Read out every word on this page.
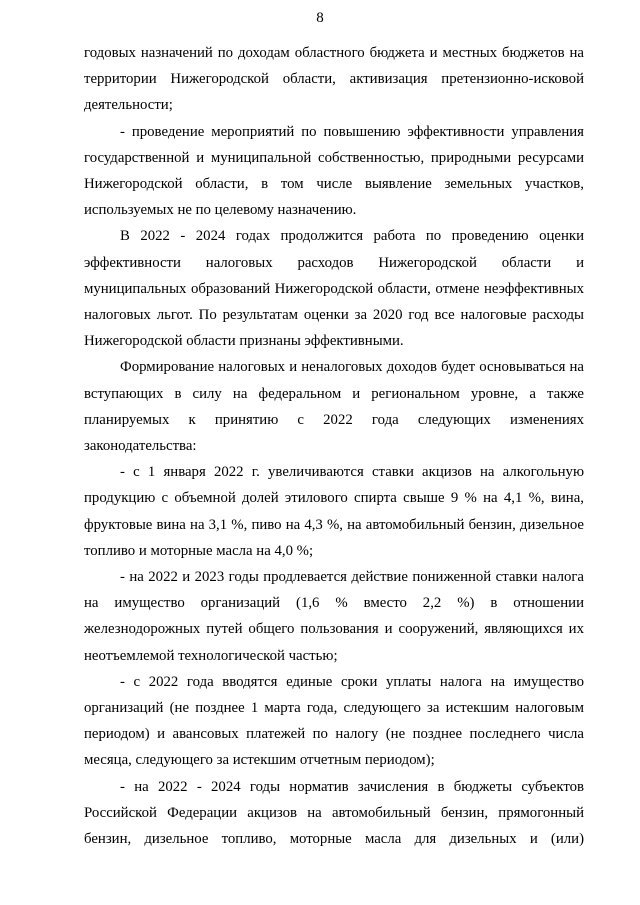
8

годовых назначений по доходам областного бюджета и местных бюджетов на территории Нижегородской области, активизация претензионно-исковой деятельности;

- проведение мероприятий по повышению эффективности управления государственной и муниципальной собственностью, природными ресурсами Нижегородской области, в том числе выявление земельных участков, используемых не по целевому назначению.

В 2022 - 2024 годах продолжится работа по проведению оценки эффективности налоговых расходов Нижегородской области и муниципальных образований Нижегородской области, отмене неэффективных налоговых льгот. По результатам оценки за 2020 год все налоговые расходы Нижегородской области признаны эффективными.

Формирование налоговых и неналоговых доходов будет основываться на вступающих в силу на федеральном и региональном уровне, а также планируемых к принятию с 2022 года следующих изменениях законодательства:

- с 1 января 2022 г. увеличиваются ставки акцизов на алкогольную продукцию с объемной долей этилового спирта свыше 9 % на 4,1 %, вина, фруктовые вина на 3,1 %, пиво на 4,3 %, на автомобильный бензин, дизельное топливо и моторные масла на 4,0 %;

- на 2022 и 2023 годы продлевается действие пониженной ставки налога на имущество организаций (1,6 % вместо 2,2 %) в отношении железнодорожных путей общего пользования и сооружений, являющихся их неотъемлемой технологической частью;

- с 2022 года вводятся единые сроки уплаты налога на имущество организаций (не позднее 1 марта года, следующего за истекшим налоговым периодом) и авансовых платежей по налогу (не позднее последнего числа месяца, следующего за истекшим отчетным периодом);

- на 2022 - 2024 годы норматив зачисления в бюджеты субъектов Российской Федерации акцизов на автомобильный бензин, прямогонный бензин, дизельное топливо, моторные масла для дизельных и (или)
